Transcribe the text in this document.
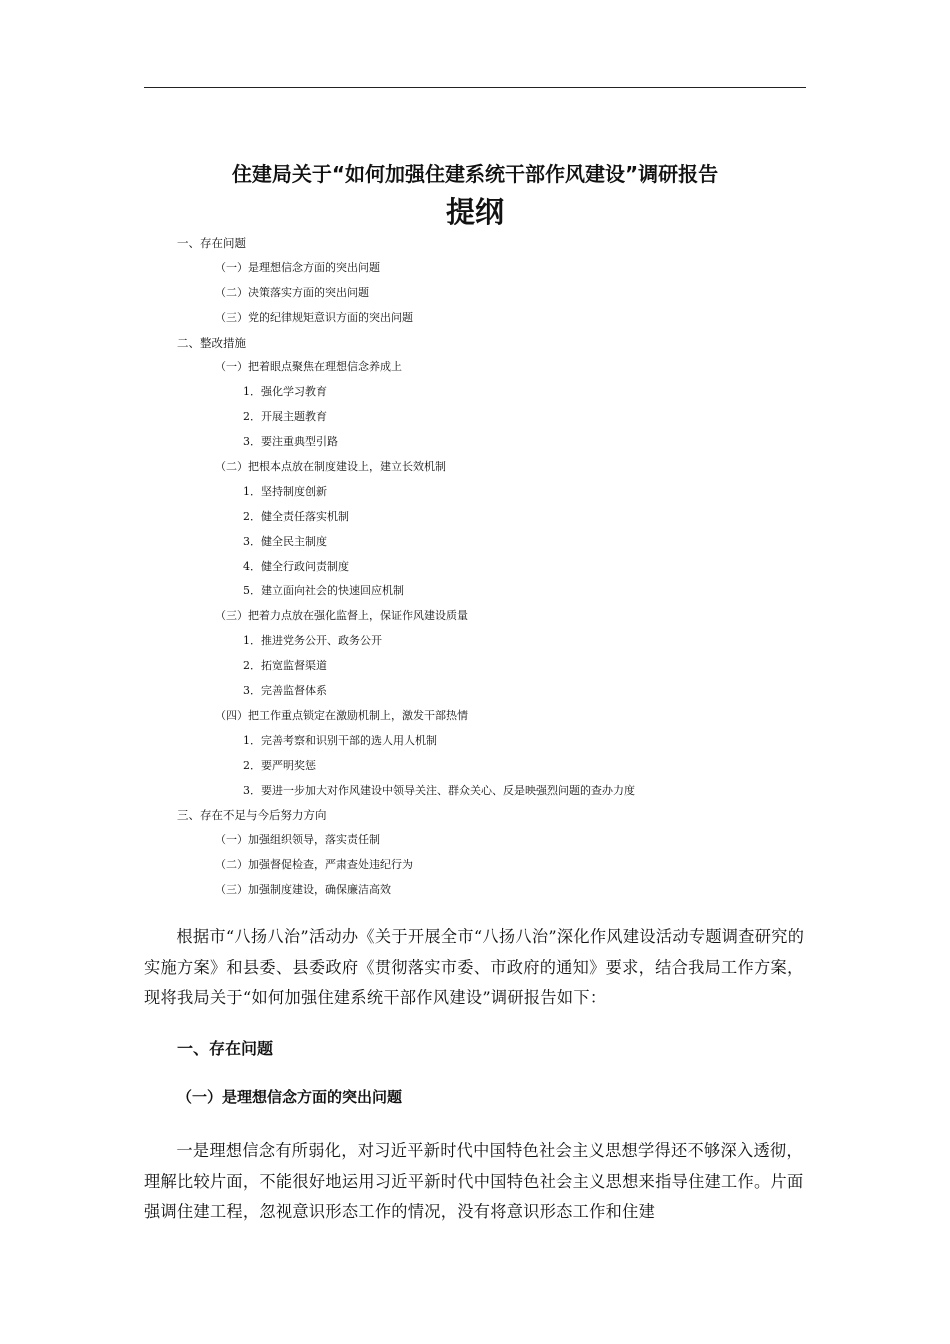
住建局关于“如何加强住建系统干部作风建设”调研报告
提纲
一、存在问题
（一）是理想信念方面的突出问题
（二）决策落实方面的突出问题
（三）党的纪律规矩意识方面的突出问题
二、整改措施
（一）把着眼点聚焦在理想信念养成上
1．强化学习教育
2．开展主题教育
3．要注重典型引路
（二）把根本点放在制度建设上，建立长效机制
1．坚持制度创新
2．健全责任落实机制
3．健全民主制度
4．健全行政问责制度
5．建立面向社会的快速回应机制
（三）把着力点放在强化监督上，保证作风建设质量
1．推进党务公开、政务公开
2．拓宽监督渠道
3．完善监督体系
（四）把工作重点锁定在激励机制上，激发干部热情
1．完善考察和识别干部的选人用人机制
2．要严明奖惩
3．要进一步加大对作风建设中领导关注、群众关心、反是映强烈问题的查办力度
三、存在不足与今后努力方向
（一）加强组织领导，落实责任制
（二）加强督促检查，严肃查处违纪行为
（三）加强制度建设，确保廉洁高效
根据市“八扬八治”活动办《关于开展全市“八扬八治”深化作风建设活动专题调查研究的实施方案》和县委、县委政府《贯彻落实市委、市政府的通知》要求，结合我局工作方案，现将我局关于“如何加强住建系统干部作风建设”调研报告如下：
一、存在问题
（一）是理想信念方面的突出问题
一是理想信念有所弱化，对习近平新时代中国特色社会主义思想学得还不够深入透彻，理解比较片面，不能很好地运用习近平新时代中国特色社会主义思想来指导住建工作。片面强调住建工程，忽视意识形态工作的情况，没有将意识形态工作和住建
